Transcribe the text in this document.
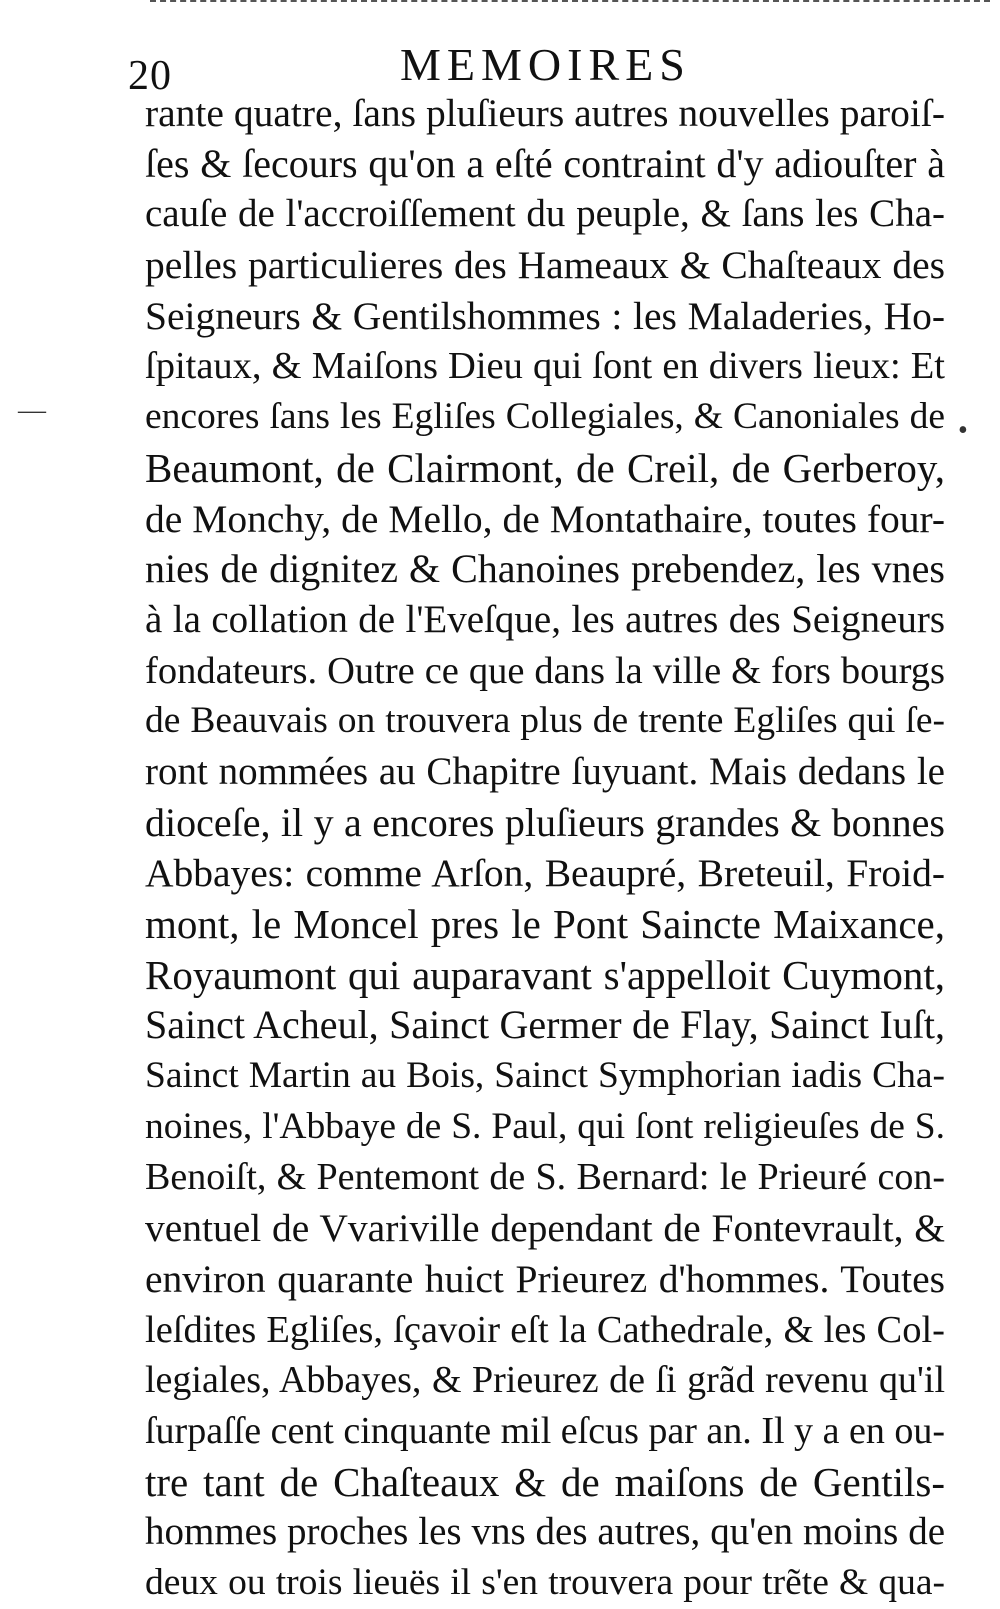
20	MEMOIRES
rante quatre, ſans pluſieurs autres nouvelles paroiſ-
ſes & ſecours qu'on a eſté contraint d'y adiouſter à
cauſe de l'accroiſſement du peuple, & ſans les Cha-
pelles particulieres des Hameaux & Chaſteaux des
Seigneurs & Gentilshommes : les Maladeries, Ho-
ſpitaux, & Maiſons Dieu qui ſont en divers lieux: Et
encores ſans les Egliſes Collegiales, & Canoniales de
Beaumont, de Clairmont, de Creil, de Gerberoy,
de Monchy, de Mello, de Montathaire, toutes four-
nies de dignitez & Chanoines prebendez, les vnes
à la collation de l'Eveſque, les autres des Seigneurs
fondateurs. Outre ce que dans la ville & fors bourgs
de Beauvais on trouvera plus de trente Egliſes qui ſe-
ront nommées au Chapitre ſuyuant. Mais dedans le
dioceſe, il y a encores pluſieurs grandes & bonnes
Abbayes: comme Arſon, Beaupré, Breteuil, Froid-
mont, le Moncel pres le Pont Saincte Maixance,
Royaumont qui auparavant s'appelloit Cuymont,
Sainct Acheul, Sainct Germer de Flay, Sainct Iuſt,
Sainct Martin au Bois, Sainct Symphorian iadis Cha-
noines, l'Abbaye de S. Paul, qui ſont religieuſes de S.
Benoiſt, & Pentemont de S. Bernard: le Prieuré con-
ventuel de Vvariville dependant de Fontevrault, &
environ quarante huict Prieurez d'hommes. Toutes
leſdites Egliſes, ſçavoir eſt la Cathedrale, & les Col-
legiales, Abbayes, & Prieurez de ſi grãd revenu qu'il
ſurpaſſe cent cinquante mil eſcus par an. Il y a en ou-
tre tant de Chaſteaux & de maiſons de Gentils-
hommes proches les vns des autres, qu'en moins de
deux ou trois lieuës il s'en trouvera pour trẽte & qua-
—
•
